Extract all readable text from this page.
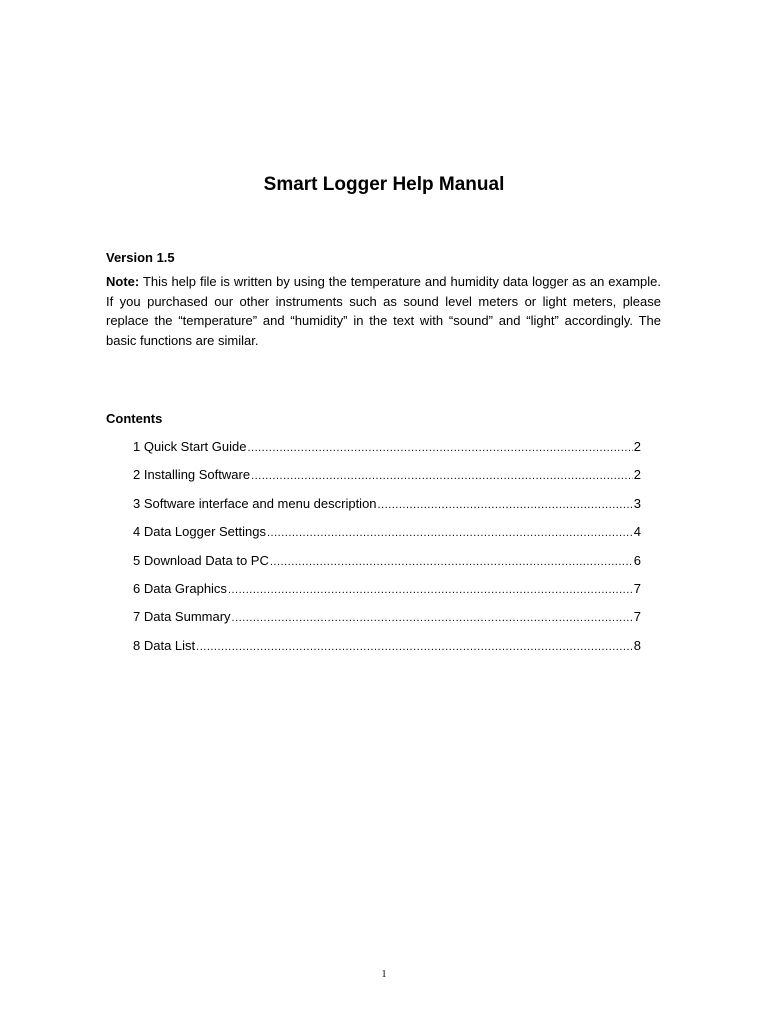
Smart Logger Help Manual
Version 1.5
Note: This help file is written by using the temperature and humidity data logger as an example. If you purchased our other instruments such as sound level meters or light meters, please replace the “temperature” and “humidity” in the text with “sound” and “light” accordingly. The basic functions are similar.
Contents
1 Quick Start Guide .....	2
2 Installing Software .....	2
3 Software interface and menu description .....	3
4 Data Logger Settings .....	4
5 Download Data to PC .....	6
6 Data Graphics .....	7
7 Data Summary .....	7
8 Data List .....	8
1
